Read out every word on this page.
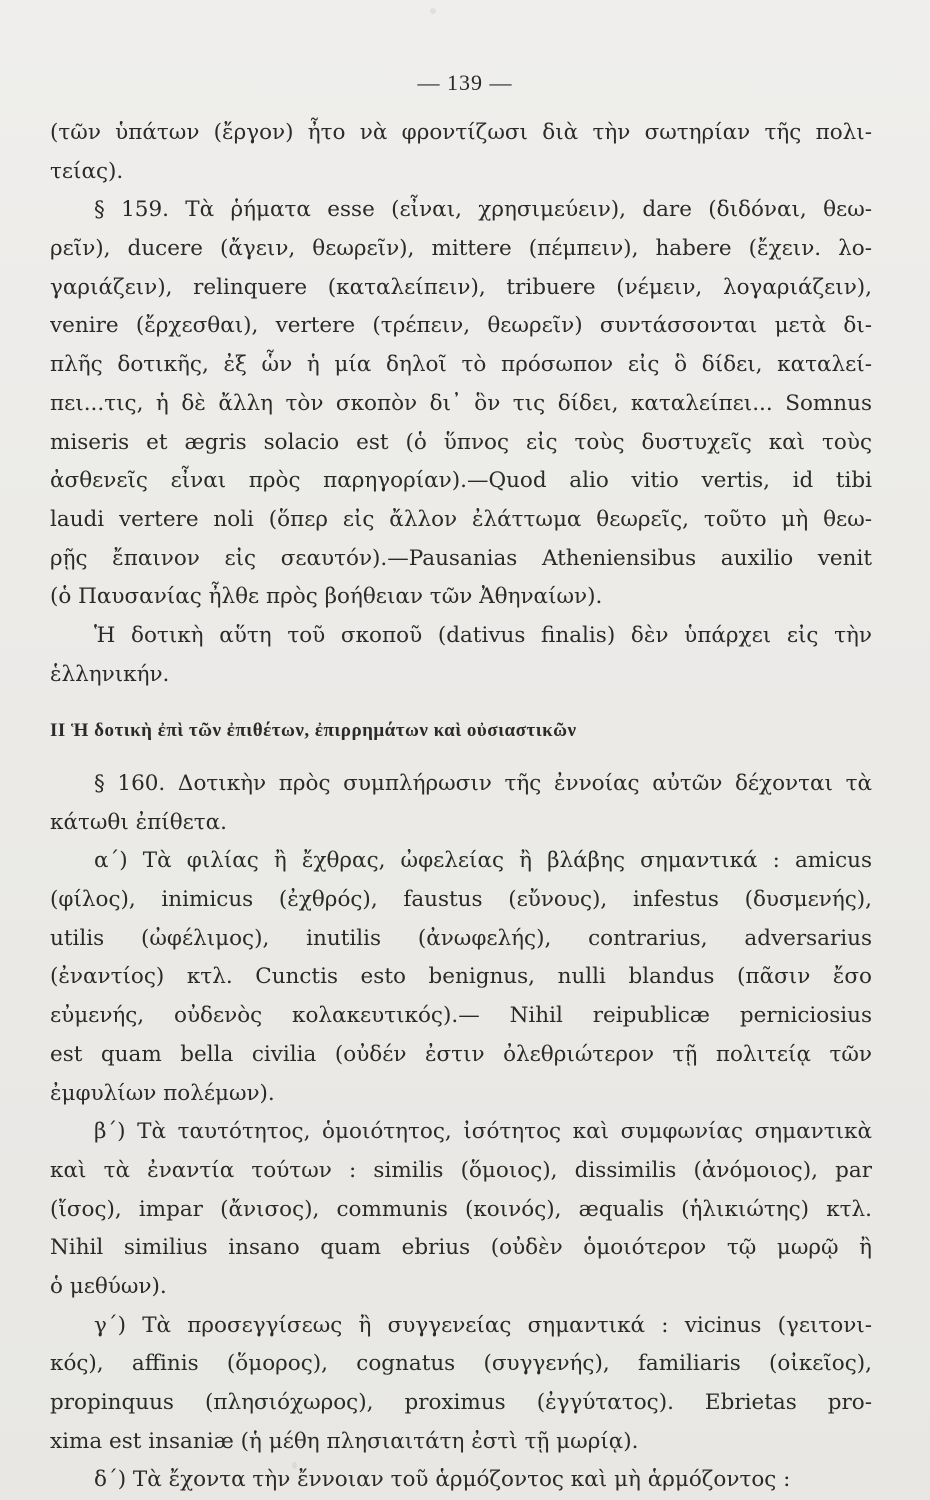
— 139 —
(τῶν ὑπάτων (ἔργον) ἦτο νὰ φροντίζωσι διὰ τὴν σωτηρίαν τῆς πολι-
τείας).
§ 159. Τὰ ῥήματα esse (εἶναι, χρησιμεύειν), dare (διδόναι, θεω-
ρεῖν), ducere (ἄγειν, θεωρεῖν), mittere (πέμπειν), habere (ἔχειν. λο-
γαριάζειν), relinquere (καταλείπειν), tribuere (νέμειν, λογαριάζειν),
venire (ἔρχεσθαι), vertere (τρέπειν, θεωρεῖν) συντάσσονται μετὰ δι-
πλῆς δοτικῆς, ἐξ ὧν ἡ μία δηλοῖ τὸ πρόσωπον εἰς ὃ δίδει, καταλεί-
πει...τις, ἡ δὲ ἄλλη τὸν σκοπὸν δι᾽ ὃν τις δίδει, καταλείπει... Somnus
miseris et ægris solacio est (ὁ ὕπνος εἰς τοὺς δυστυχεῖς καὶ τοὺς
ἀσθενεῖς εἶναι πρὸς παρηγορίαν).—Quod alio vitio vertis, id tibi
laudi vertere noli (ὅπερ εἰς ἄλλον ἐλάττωμα θεωρεῖς, τοῦτο μὴ θεω-
ρῇς ἔπαινον εἰς σεαυτόν).—Pausanias Atheniensibus auxilio venit
(ὁ Παυσανίας ἦλθε πρὸς βοήθειαν τῶν Ἀθηναίων).
Ἡ δοτικὴ αὕτη τοῦ σκοποῦ (dativus finalis) δὲν ὑπάρχει εἰς τὴν
ἑλληνικήν.
ΙΙ Ἡ δοτικὴ ἐπὶ τῶν ἐπιθέτων, ἐπιρρημάτων καὶ οὐσιαστικῶν
§ 160. Δοτικὴν πρὸς συμπλήρωσιν τῆς ἐννοίας αὐτῶν δέχονται τὰ
κάτωθι ἐπίθετα.
α΄) Τὰ φιλίας ἢ ἔχθρας, ὠφελείας ἢ βλάβης σημαντικά : amicus
(φίλος), inimicus (ἐχθρός), faustus (εὔνους), infestus (δυσμενής),
utilis (ὠφέλιμος), inutilis (ἀνωφελής), contrarius, adversarius
(ἐναντίος) κτλ. Cunctis esto benignus, nulli blandus (πᾶσιν ἔσο
εὐμενής, οὐδενὸς κολακευτικός).— Nihil reipublicæ perniciosius
est quam bella civilia (οὐδέν ἐστιν ὀλεθριώτερον τῇ πολιτείᾳ τῶν
ἐμφυλίων πολέμων).
β΄) Τὰ ταυτότητος, ὁμοιότητος, ἰσότητος καὶ συμφωνίας σημαντικὰ
καὶ τὰ ἐναντία τούτων : similis (ὅμοιος), dissimilis (ἀνόμοιος), par
(ἴσος), impar (ἄνισος), communis (κοινός), æqualis (ἡλικιώτης) κτλ.
Nihil similius insano quam ebrius (οὐδὲν ὁμοιότερον τῷ μωρῷ ἢ
ὁ μεθύων).
γ΄) Τὰ προσεγγίσεως ἢ συγγενείας σημαντικά : vicinus (γειτονι-
κός), affinis (ὅμορος), cognatus (συγγενής), familiaris (οἰκεῖος),
propinquus (πλησιόχωρος), proximus (ἐγγύτατος). Ebrietas pro-
xima est insaniæ (ἡ μέθη πλησιαιτάτη ἐστὶ τῇ μωρίᾳ).
δ΄) Τὰ ἔχοντα τὴν ἔννοιαν τοῦ ἁρμόζοντος καὶ μὴ ἁρμόζοντος :
